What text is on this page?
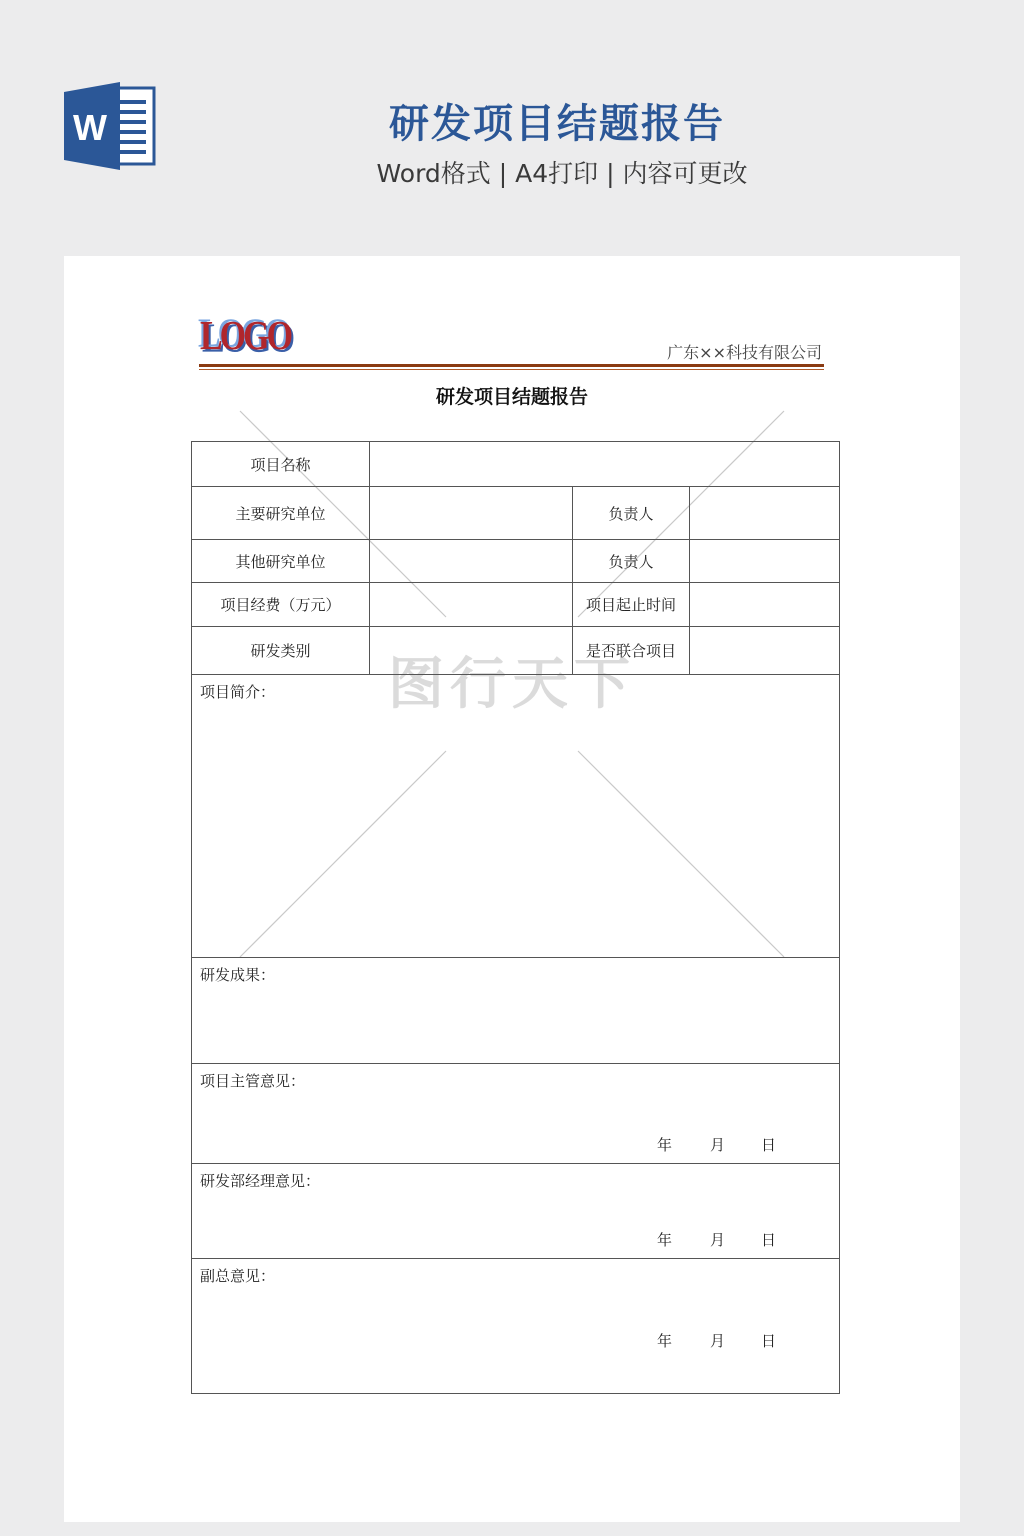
W	研发项目结题报告
Word格式 | A4打印 | 内容可更改
LOGO	广东××科技有限公司
研发项目结题报告
图行天下
项目名称			
主要研究单位		负责人	
其他研究单位		负责人	
项目经费（万元）		项目起止时间	
研发类别		是否联合项目	
项目简介：			
研发成果：			
项目主管意见：
年 月 日			

研发部经理意见：
年 月 日			

副总意见：
年 月 日			
